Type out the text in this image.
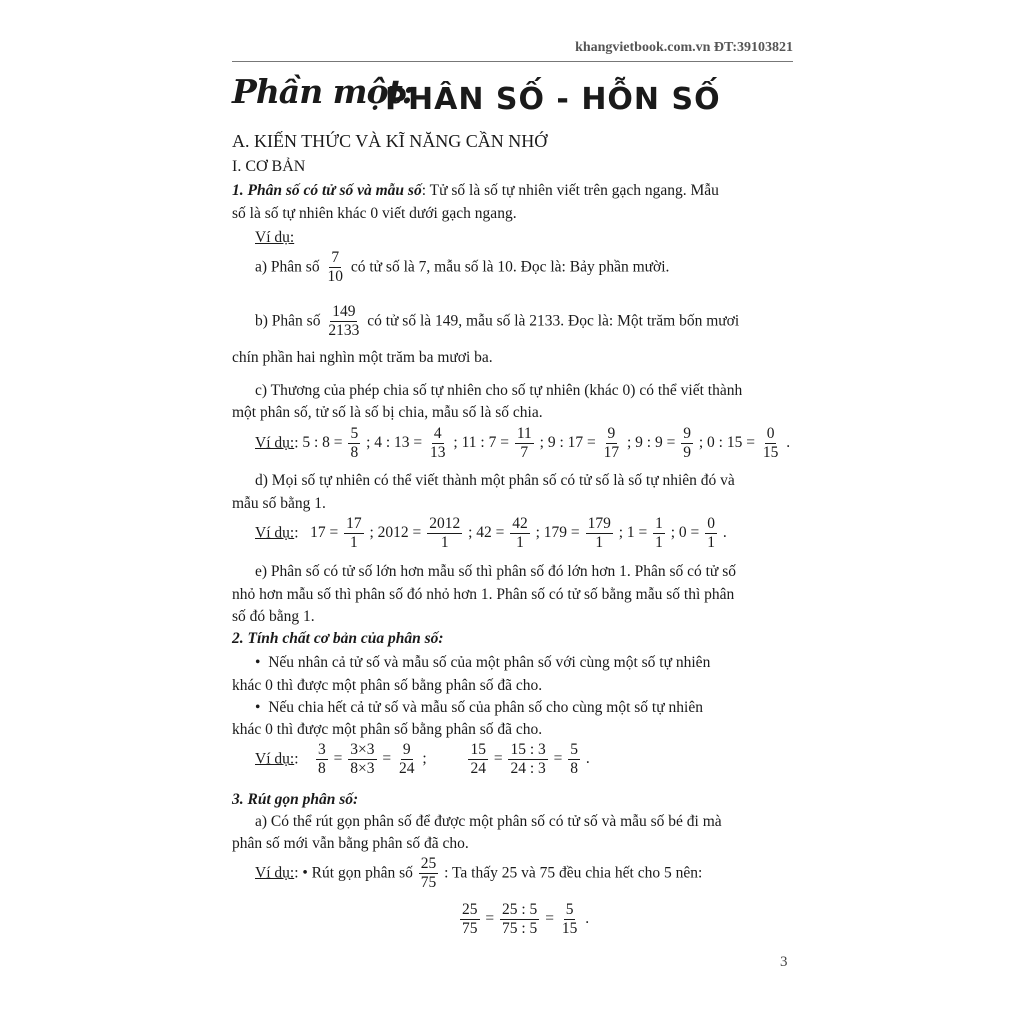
khangvietbook.com.vn ĐT:39103821
Phần một:
PHÂN SỐ - HỖN SỐ
A. KIẾN THỨC VÀ KĨ NĂNG CẦN NHỚ
I. CƠ BẢN
1. Phân số có tử số và mẫu số: Tử số là số tự nhiên viết trên gạch ngang. Mẫu
số là số tự nhiên khác 0 viết dưới gạch ngang.
Ví dụ:
a) Phân số $\frac{7}{10}$ có tử số là 7, mẫu số là 10. Đọc là: Bảy phần mười.
b) Phân số $\frac{149}{2133}$ có tử số là 149, mẫu số là 2133. Đọc là: Một trăm bốn mươi
chín phần hai nghìn một trăm ba mươi ba.
c) Thương của phép chia số tự nhiên cho số tự nhiên (khác 0) có thể viết thành
một phân số, tử số là số bị chia, mẫu số là số chia.
Ví dụ:: 5 : $8 = \frac{5}{8}$ ; 4 : $13 = \frac{4}{13}$ ; 11 : $7 = \frac{11}{7}$ ; 9 : $17 = \frac{9}{17}$ ; 9 : $9 = \frac{9}{9}$ ; 0 : $15 = \frac{0}{15}$ .
d) Mọi số tự nhiên có thể viết thành một phân số có tử số là số tự nhiên đó và
mẫu số bằng 1.
Ví dụ::   $17 = \frac{17}{1}$ ; $2012 = \frac{2012}{1}$ ; $42 = \frac{42}{1}$ ; $179 = \frac{179}{1}$ ; $1 = \frac{1}{1}$ ; $0 = \frac{0}{1}$ .
e) Phân số có tử số lớn hơn mẫu số thì phân số đó lớn hơn 1. Phân số có tử số
nhỏ hơn mẫu số thì phân số đó nhỏ hơn 1. Phân số có tử số bằng mẫu số thì phân
số đó bằng 1.
2. Tính chất cơ bản của phân số:
• Nếu nhân cả tử số và mẫu số của một phân số với cùng một số tự nhiên
khác 0 thì được một phân số bằng phân số đã cho.
• Nếu chia hết cả tử số và mẫu số của phân số cho cùng một số tự nhiên
khác 0 thì được một phân số bằng phân số đã cho.
Ví dụ:: $\frac{3}{8} = \frac{3\times 3}{8\times 3} = \frac{9}{24}$ ; $\frac{15}{24} = \frac{15 : 3}{24 : 3} = \frac{5}{8}$ .
3. Rút gọn phân số:
a) Có thể rút gọn phân số để được một phân số có tử số và mẫu số bé đi mà
phân số mới vẫn bằng phân số đã cho.
Ví dụ:: • Rút gọn phân số $\frac{25}{75}$ : Ta thấy 25 và 75 đều chia hết cho 5 nên:
$\frac{25}{75} = \frac{25 : 5}{75 : 5} = \frac{5}{15}$ .
3
